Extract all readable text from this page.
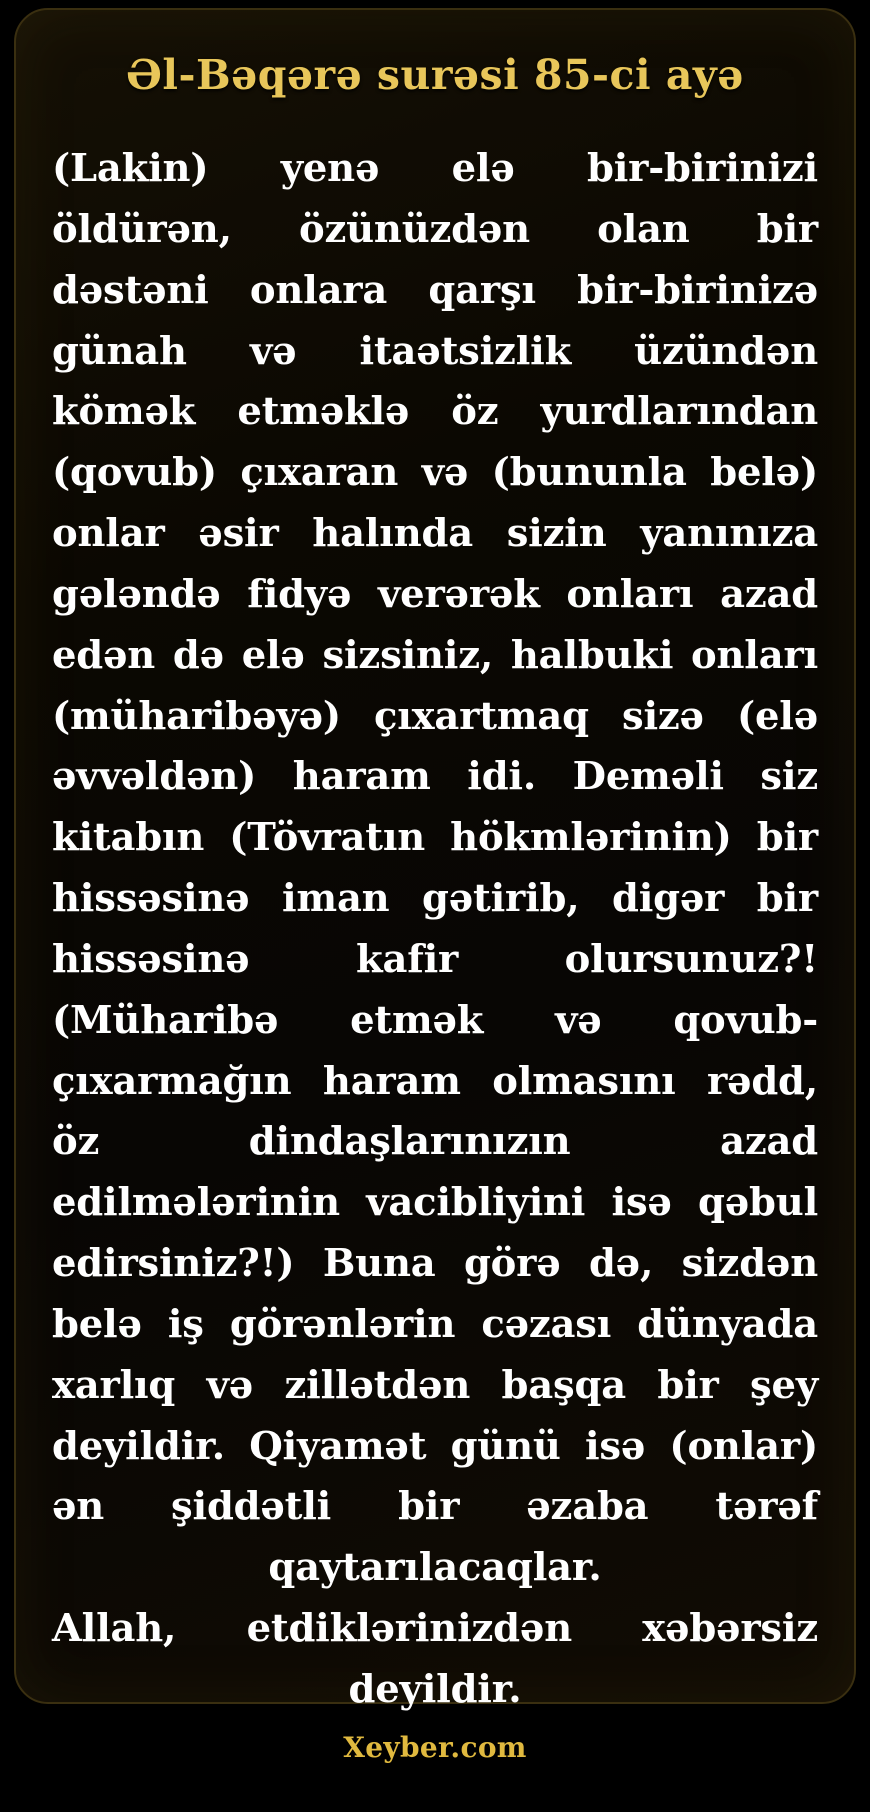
Əl-Bəqərə surəsi 85-ci ayə
(Lakin) yenə elə bir-birinizi öldürən, özünüzdən olan bir dəstəni onlara qarşı bir-birinizə günah və itaətsizlik üzündən kömək etməklə öz yurdlarından (qovub) çıxaran və (bununla belə) onlar əsir halında sizin yanınıza gələndə fidyə verərək onları azad edən də elə sizsiniz, halbuki onları (müharibəyə) çıxartmaq sizə (elə əvvəldən) haram idi. Deməli siz kitabın (Tövratın hökmlərinin) bir hissəsinə iman gətirib, digər bir hissəsinə kafir olursunuz?! (Müharibə etmək və qovub-çıxarmağın haram olmasını rədd, öz dindaşlarınızın azad edilmələrinin vacibliyini isə qəbul edirsiniz?!) Buna görə də, sizdən belə iş görənlərin cəzası dünyada xarlıq və zillətdən başqa bir şey deyildir. Qiyamət günü isə (onlar) ən şiddətli bir əzaba tərəf qaytarılacaqlar.
Allah, etdiklərinizdən xəbərsiz deyildir.
Xeyber.com
